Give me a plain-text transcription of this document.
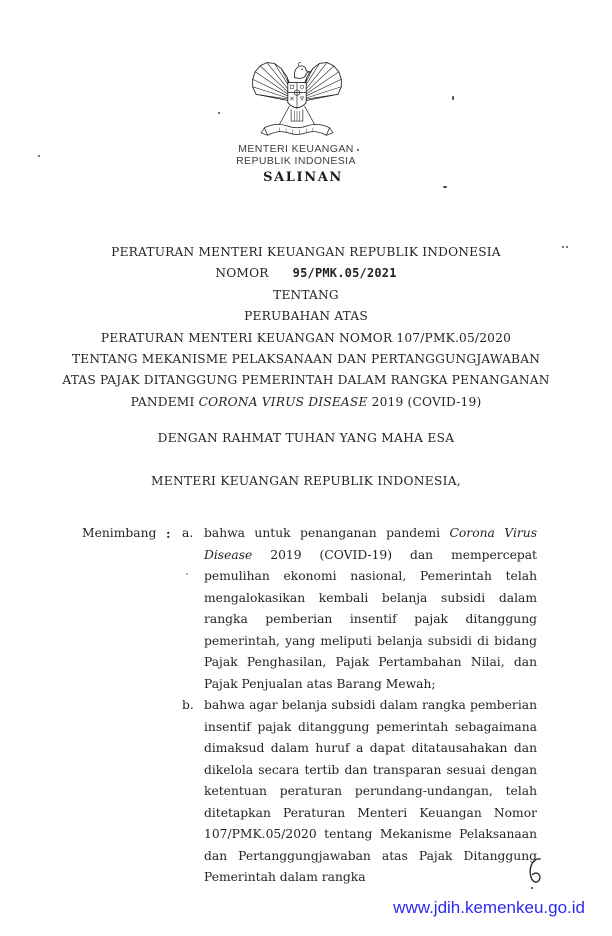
MENTERI KEUANGAN
REPUBLIK INDONESIA
SALINAN
PERATURAN MENTERI KEUANGAN REPUBLIK INDONESIA
NOMOR 95/PMK.05/2021
TENTANG
PERUBAHAN ATAS
PERATURAN MENTERI KEUANGAN NOMOR 107/PMK.05/2020
TENTANG MEKANISME PELAKSANAAN DAN PERTANGGUNGJAWABAN
ATAS PAJAK DITANGGUNG PEMERINTAH DALAM RANGKA PENANGANAN
PANDEMI CORONA VIRUS DISEASE 2019 (COVID-19)
DENGAN RAHMAT TUHAN YANG MAHA ESA
MENTERI KEUANGAN REPUBLIK INDONESIA,
Menimbang : a. bahwa untuk penanganan pandemi Corona Virus Disease 2019 (COVID-19) dan mempercepat pemulihan ekonomi nasional, Pemerintah telah mengalokasikan kembali belanja subsidi dalam rangka pemberian insentif pajak ditanggung pemerintah, yang meliputi belanja subsidi di bidang Pajak Penghasilan, Pajak Pertambahan Nilai, dan Pajak Penjualan atas Barang Mewah;
b. bahwa agar belanja subsidi dalam rangka pemberian insentif pajak ditanggung pemerintah sebagaimana dimaksud dalam huruf a dapat ditatausahakan dan dikelola secara tertib dan transparan sesuai dengan ketentuan peraturan perundang-undangan, telah ditetapkan Peraturan Menteri Keuangan Nomor 107/PMK.05/2020 tentang Mekanisme Pelaksanaan dan Pertanggungjawaban atas Pajak Ditanggung Pemerintah dalam rangka
www.jdih.kemenkeu.go.id
